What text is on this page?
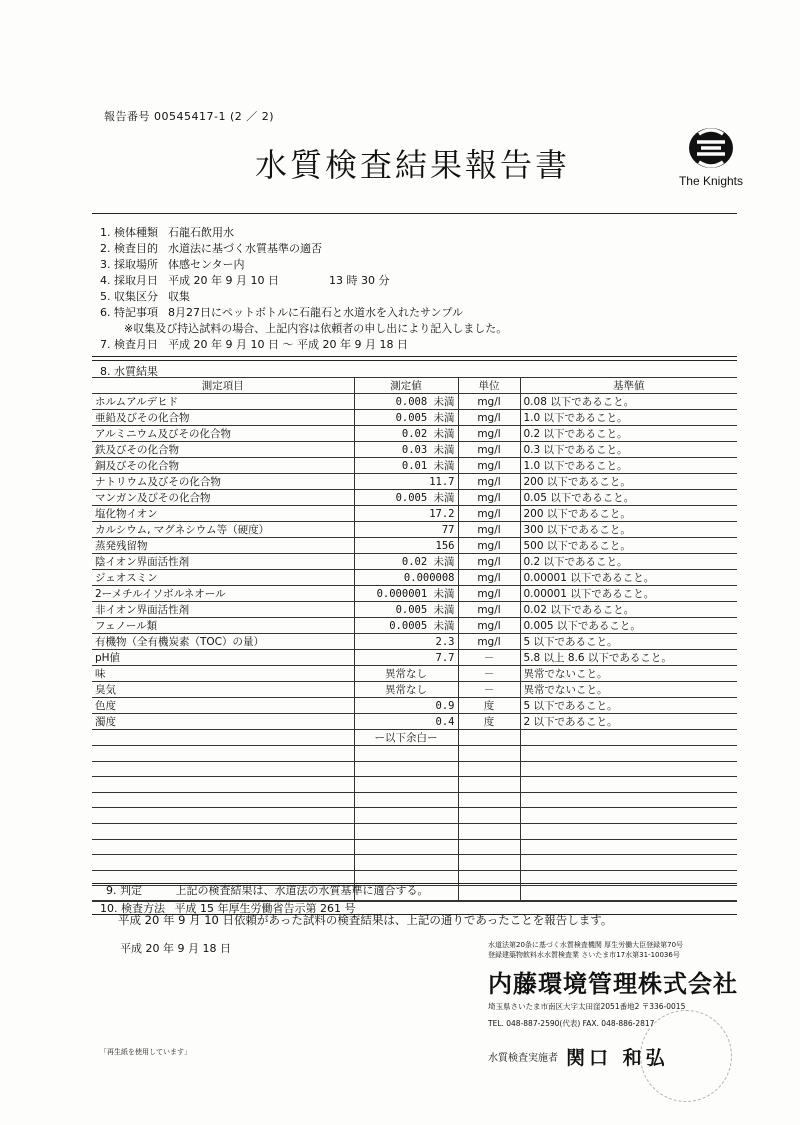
報告番号 00545417-1 (2 ／ 2)
水質検査結果報告書	The Knights
1. 検体種類 石龍石飲用水
2. 検査目的 水道法に基づく水質基準の適否
3. 採取場所 体感センター内
4. 採取月日 平成 20 年 9 月 10 日	13 時 30 分
5. 収集区分 収集
6. 特記事項 8月27日にペットボトルに石龍石と水道水を入れたサンプル
※収集及び持込試料の場合、上記内容は依頼者の申し出により記入しました。
7. 検査月日 平成 20 年 9 月 10 日 ～ 平成 20 年 9 月 18 日
8. 水質結果
測定項目	測定値	単位	基準値
ホルムアルデヒド	0.008 未満	mg/l	0.08 以下であること。
亜鉛及びその化合物	0.005 未満	mg/l	1.0 以下であること。
アルミニウム及びその化合物	0.02 未満	mg/l	0.2 以下であること。
鉄及びその化合物	0.03 未満	mg/l	0.3 以下であること。
銅及びその化合物	0.01 未満	mg/l	1.0 以下であること。
ナトリウム及びその化合物	11.7	mg/l	200 以下であること。
マンガン及びその化合物	0.005 未満	mg/l	0.05 以下であること。
塩化物イオン	17.2	mg/l	200 以下であること。
カルシウム, マグネシウム等（硬度）	77	mg/l	300 以下であること。
蒸発残留物	156	mg/l	500 以下であること。
陰イオン界面活性剤	0.02 未満	mg/l	0.2 以下であること。
ジェオスミン	0.000008	mg/l	0.00001 以下であること。
2ーメチルイソボルネオール	0.000001 未満	mg/l	0.00001 以下であること。
非イオン界面活性剤	0.005 未満	mg/l	0.02 以下であること。
フェノール類	0.0005 未満	mg/l	0.005 以下であること。
有機物（全有機炭素（TOC）の量）	2.3	mg/l	5 以下であること。
pH値	7.7	－	5.8 以上 8.6 以下であること。
味	異常なし	－	異常でないこと。
臭気	異常なし	－	異常でないこと。
色度	0.9	度	5 以下であること。
濁度	0.4	度	2 以下であること。
	ー以下余白ー		

9. 判定	上記の検査結果は、水道法の水質基準に適合する。
10. 検査方法 平成 15 年厚生労働省告示第 261 号
平成 20 年 9 月 10 日依頼があった試料の検査結果は、上記の通りであったことを報告します。
平成 20 年 9 月 18 日
「再生紙を使用しています」
水道法第20条に基づく水質検査機関 厚生労働大臣登録第70号
登録建築物飲料水水質検査業 さいたま市17水第31-10036号
内藤環境管理株式会社
埼玉県さいたま市南区大字太田窪2051番地2 〒336-0015
TEL. 048-887-2590(代表) FAX. 048-886-2817
水質検査実施者 関口 和弘
